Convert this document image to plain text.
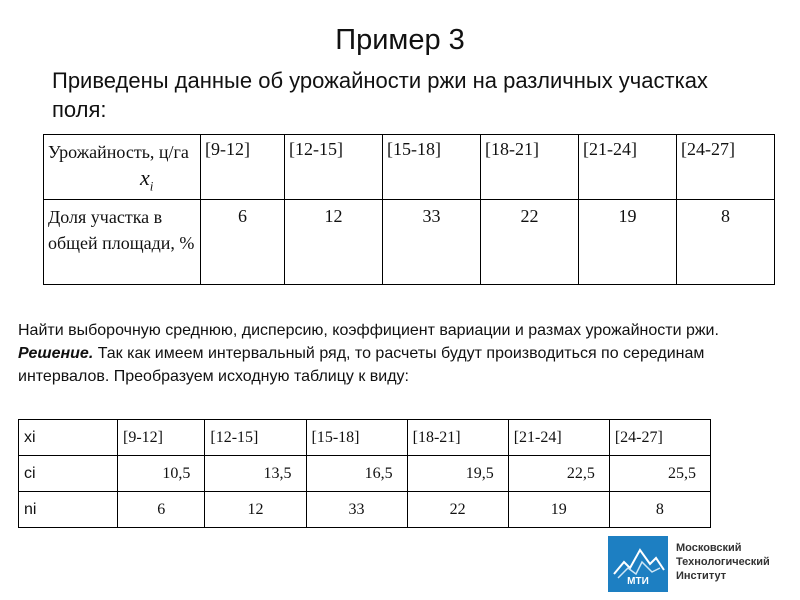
Пример 3
Приведены данные об урожайности ржи на различных участках поля:
Урожайность, ц/га
$x_i$	[9-12]	[12-15]	[15-18]	[18-21]	[21-24]	[24-27]
Доля участка в общей площади, %	6	12	33	22	19	8
Найти выборочную среднюю, дисперсию, коэффициент вариации и размах урожайности ржи.
Решение. Так как имеем интервальный ряд, то расчеты будут производиться по серединам интервалов. Преобразуем исходную таблицу к виду:
xi	[9-12]	[12-15]	[15-18]	[18-21]	[21-24]	[24-27]
ci	10,5	13,5	16,5	19,5	22,5	25,5
ni	6	12	33	22	19	8
МТИ
Московский
Технологический
Институт
